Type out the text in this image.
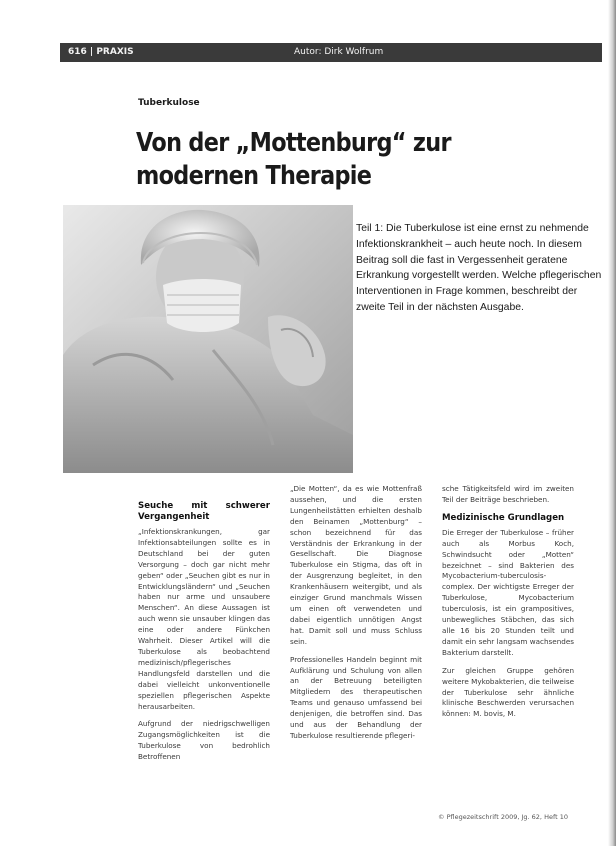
616 | PRAXIS	Autor: Dirk Wolfrum
Tuberkulose
Von der „Mottenburg“ zur modernen Therapie
Teil 1: Die Tuberkulose ist eine ernst zu nehmende Infektionskrankheit – auch heute noch. In diesem Beitrag soll die fast in Vergessenheit geratene Erkrankung vorgestellt werden. Welche pflegerischen Interventionen in Frage kommen, beschreibt der zweite Teil in der nächsten Ausgabe.
Seuche mit schwerer Vergangenheit

„Infektionskrankungen, gar Infektionsabteilungen sollte es in Deutschland bei der guten Versorgung – doch gar nicht mehr geben“ oder „Seuchen gibt es nur in Entwicklungsländern“ und „Seuchen haben nur arme und unsaubere Menschen“. An diese Aussagen ist auch wenn sie unsauber klingen das eine oder andere Fünkchen Wahrheit. Dieser Artikel will die Tuberkulose als beobachtend medizinisch/pflegerisches Handlungsfeld darstellen und die dabei vielleicht unkonventionelle speziellen pflegerischen Aspekte herausarbeiten.

Aufgrund der niedrigschwelligen Zugangsmöglichkeiten ist die Tuberkulose von bedrohlich Betroffenen

„Die Motten“, da es wie Mottenfraß aussehen, und die ersten Lungenheilstätten erhielten deshalb den Beinamen „Mottenburg“ – schon bezeichnend für das Verständnis der Erkrankung in der Gesellschaft. Die Diagnose Tuberkulose ein Stigma, das oft in der Ausgrenzung begleitet, in den Krankenhäusern weitergibt, und als einziger Grund manchmals Wissen um einen oft verwendeten und dabei eigentlich unnötigen Angst hat. Damit soll und muss Schluss sein.

Professionelles Handeln beginnt mit Aufklärung und Schulung von allen an der Betreuung beteiligten Mitgliedern des therapeutischen Teams und genauso umfassend bei denjenigen, die betroffen sind. Das und aus der Behandlung der Tuberkulose resultierende pflegeri-

sche Tätigkeitsfeld wird im zweiten Teil der Beiträge beschrieben.

Medizinische Grundlagen

Die Erreger der Tuberkulose – früher auch als Morbus Koch, Schwindsucht oder „Motten“ bezeichnet – sind Bakterien des Mycobacterium-tuberculosis-complex. Der wichtigste Erreger der Tuberkulose, Mycobacterium tuberculosis, ist ein grampositives, unbewegliches Stäbchen, das sich alle 16 bis 20 Stunden teilt und damit ein sehr langsam wachsendes Bakterium darstellt.

Zur gleichen Gruppe gehören weitere Mykobakterien, die teilweise der Tuberkulose sehr ähnliche klinische Beschwerden verursachen können: M. bovis, M.

© Pflegezeitschrift 2009, Jg. 62, Heft 10
